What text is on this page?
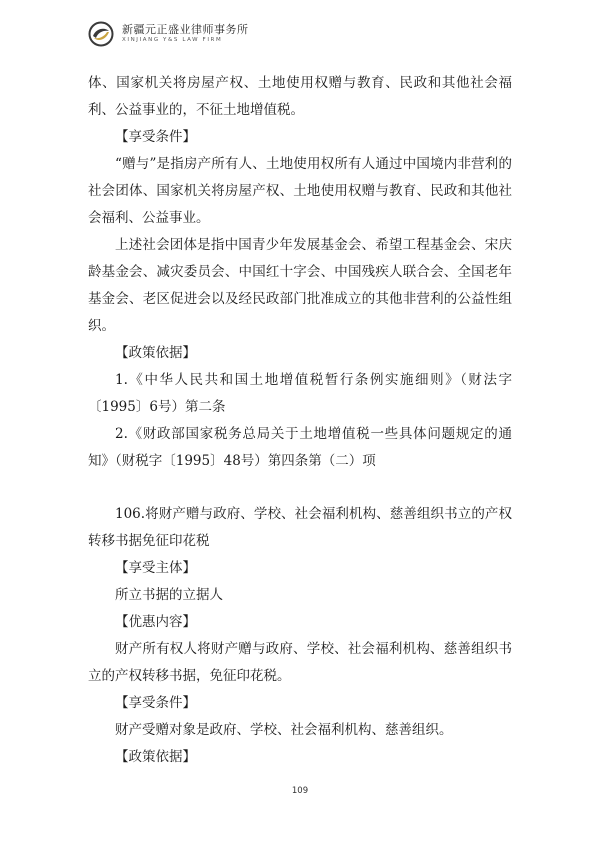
新疆元正盛业律师事务所
XINJIANG Y&S LAW FIRM

体、国家机关将房屋产权、土地使用权赠与教育、民政和其他社会福利、公益事业的，不征土地增值税。

【享受条件】

“赠与”是指房产所有人、土地使用权所有人通过中国境内非营利的社会团体、国家机关将房屋产权、土地使用权赠与教育、民政和其他社会福利、公益事业。

上述社会团体是指中国青少年发展基金会、希望工程基金会、宋庆龄基金会、减灾委员会、中国红十字会、中国残疾人联合会、全国老年基金会、老区促进会以及经民政部门批准成立的其他非营利的公益性组织。

【政策依据】

1.《中华人民共和国土地增值税暂行条例实施细则》（财法字〔1995〕6号）第二条

2.《财政部国家税务总局关于土地增值税一些具体问题规定的通知》（财税字〔1995〕48号）第四条第（二）项

106.将财产赠与政府、学校、社会福利机构、慈善组织书立的产权转移书据免征印花税

【享受主体】

所立书据的立据人

【优惠内容】

财产所有权人将财产赠与政府、学校、社会福利机构、慈善组织书立的产权转移书据，免征印花税。

【享受条件】

财产受赠对象是政府、学校、社会福利机构、慈善组织。

【政策依据】

109
